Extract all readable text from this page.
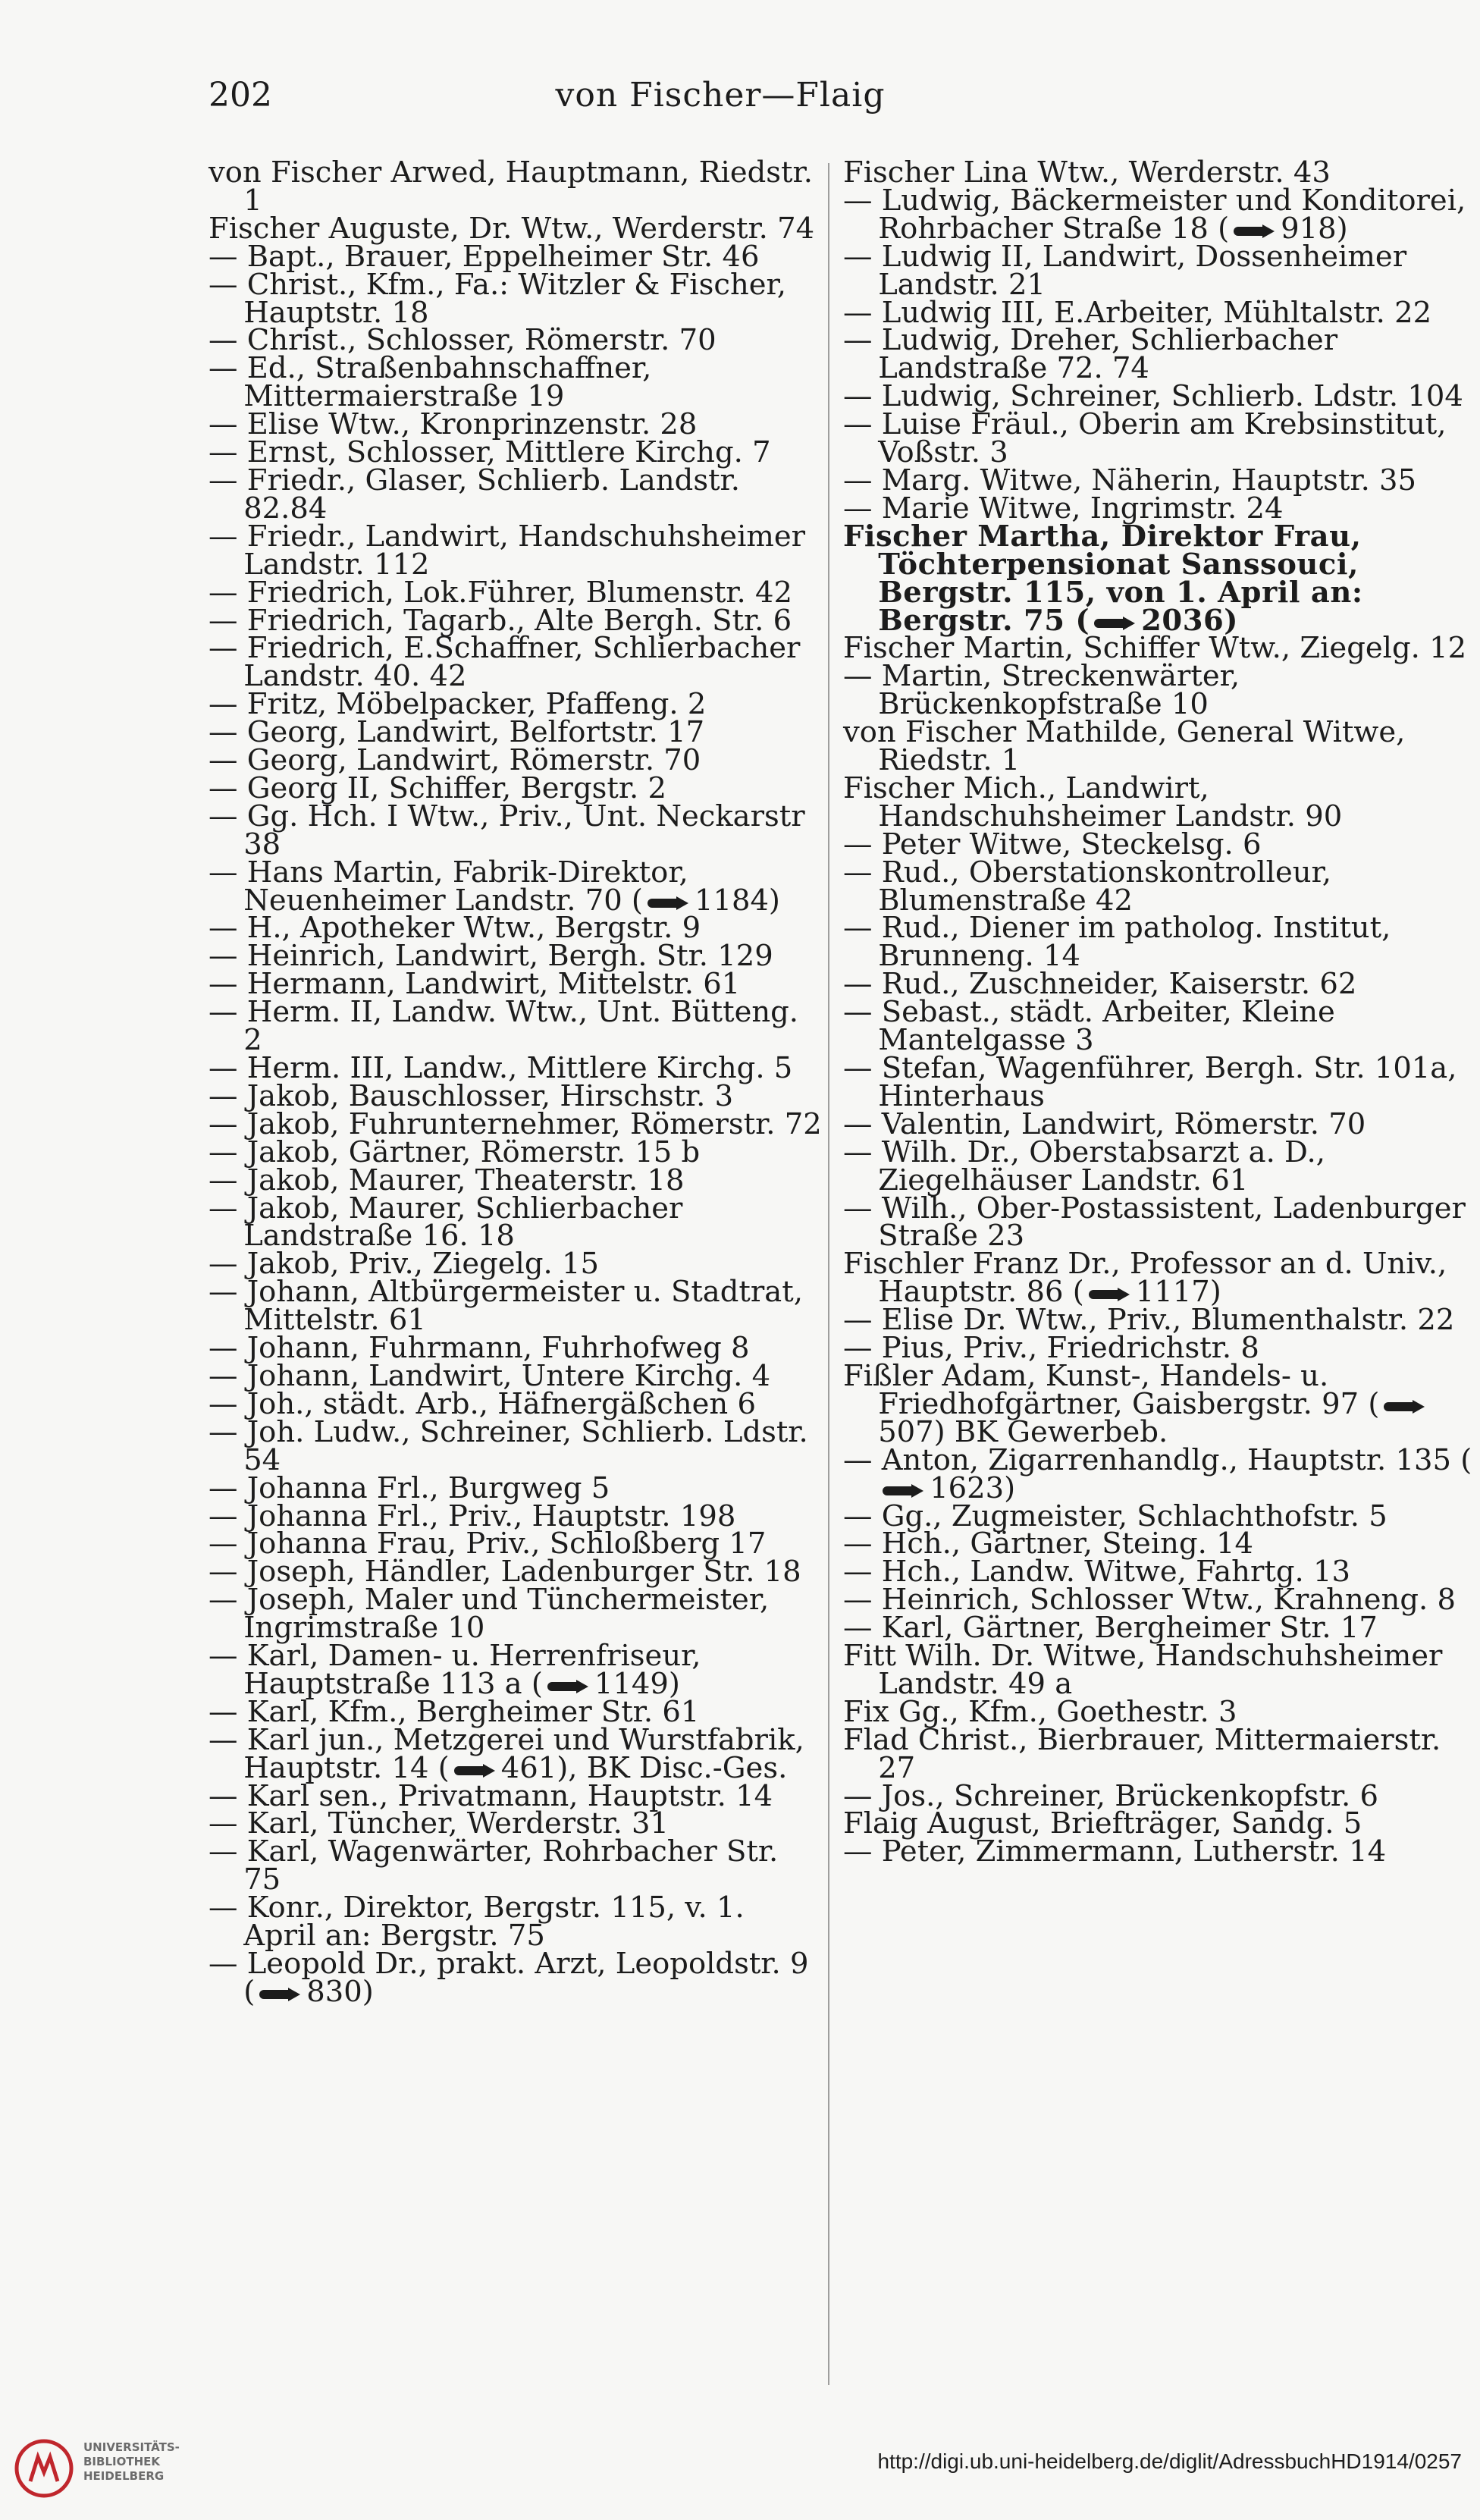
202	von Fischer—Flaig

von Fischer Arwed, Hauptmann, Riedstr. 1

Fischer Auguste, Dr. Wtw., Werderstr. 74

— Bapt., Brauer, Eppelheimer Str. 46

— Christ., Kfm., Fa.: Witzler & Fischer, Hauptstr. 18

— Christ., Schlosser, Römerstr. 70

— Ed., Straßenbahnschaffner, Mittermaierstraße 19

— Elise Wtw., Kronprinzenstr. 28

— Ernst, Schlosser, Mittlere Kirchg. 7

— Friedr., Glaser, Schlierb. Landstr. 82.84

— Friedr., Landwirt, Handschuhsheimer Landstr. 112

— Friedrich, Lok.Führer, Blumenstr. 42

— Friedrich, Tagarb., Alte Bergh. Str. 6

— Friedrich, E.Schaffner, Schlierbacher Landstr. 40. 42

— Fritz, Möbelpacker, Pfaffeng. 2

— Georg, Landwirt, Belfortstr. 17

— Georg, Landwirt, Römerstr. 70

— Georg II, Schiffer, Bergstr. 2

— Gg. Hch. I Wtw., Priv., Unt. Neckarstr 38

— Hans Martin, Fabrik-Direktor, Neuenheimer Landstr. 70 ( 1184)

— H., Apotheker Wtw., Bergstr. 9

— Heinrich, Landwirt, Bergh. Str. 129

— Hermann, Landwirt, Mittelstr. 61

— Herm. II, Landw. Wtw., Unt. Bütteng. 2

— Herm. III, Landw., Mittlere Kirchg. 5

— Jakob, Bauschlosser, Hirschstr. 3

— Jakob, Fuhrunternehmer, Römerstr. 72

— Jakob, Gärtner, Römerstr. 15 b

— Jakob, Maurer, Theaterstr. 18

— Jakob, Maurer, Schlierbacher Landstraße 16. 18

— Jakob, Priv., Ziegelg. 15

— Johann, Altbürgermeister u. Stadtrat, Mittelstr. 61

— Johann, Fuhrmann, Fuhrhofweg 8

— Johann, Landwirt, Untere Kirchg. 4

— Joh., städt. Arb., Häfnergäßchen 6

— Joh. Ludw., Schreiner, Schlierb. Ldstr. 54

— Johanna Frl., Burgweg 5

— Johanna Frl., Priv., Hauptstr. 198

— Johanna Frau, Priv., Schloßberg 17

— Joseph, Händler, Ladenburger Str. 18

— Joseph, Maler und Tünchermeister, Ingrimstraße 10

— Karl, Damen- u. Herrenfriseur, Hauptstraße 113 a ( 1149)

— Karl, Kfm., Bergheimer Str. 61

— Karl jun., Metzgerei und Wurstfabrik, Hauptstr. 14 ( 461), BK Disc.-Ges.

— Karl sen., Privatmann, Hauptstr. 14

— Karl, Tüncher, Werderstr. 31

— Karl, Wagenwärter, Rohrbacher Str. 75

— Konr., Direktor, Bergstr. 115, v. 1. April an: Bergstr. 75

— Leopold Dr., prakt. Arzt, Leopoldstr. 9 ( 830)

Fischer Lina Wtw., Werderstr. 43

— Ludwig, Bäckermeister und Konditorei, Rohrbacher Straße 18 ( 918)

— Ludwig II, Landwirt, Dossenheimer Landstr. 21

— Ludwig III, E.Arbeiter, Mühltalstr. 22

— Ludwig, Dreher, Schlierbacher Landstraße 72. 74

— Ludwig, Schreiner, Schlierb. Ldstr. 104

— Luise Fräul., Oberin am Krebsinstitut, Voßstr. 3

— Marg. Witwe, Näherin, Hauptstr. 35

— Marie Witwe, Ingrimstr. 24

Fischer Martha, Direktor Frau, Töchterpensionat Sanssouci, Bergstr. 115, von 1. April an: Bergstr. 75 ( 2036)

Fischer Martin, Schiffer Wtw., Ziegelg. 12

— Martin, Streckenwärter, Brückenkopfstraße 10

von Fischer Mathilde, General Witwe, Riedstr. 1

Fischer Mich., Landwirt, Handschuhsheimer Landstr. 90

— Peter Witwe, Steckelsg. 6

— Rud., Oberstationskontrolleur, Blumenstraße 42

— Rud., Diener im patholog. Institut, Brunneng. 14

— Rud., Zuschneider, Kaiserstr. 62

— Sebast., städt. Arbeiter, Kleine Mantelgasse 3

— Stefan, Wagenführer, Bergh. Str. 101a, Hinterhaus

— Valentin, Landwirt, Römerstr. 70

— Wilh. Dr., Oberstabsarzt a. D., Ziegelhäuser Landstr. 61

— Wilh., Ober-Postassistent, Ladenburger Straße 23

Fischler Franz Dr., Professor an d. Univ., Hauptstr. 86 ( 1117)

— Elise Dr. Wtw., Priv., Blumenthalstr. 22

— Pius, Priv., Friedrichstr. 8

Fißler Adam, Kunst-, Handels- u. Friedhofgärtner, Gaisbergstr. 97 (507) BK Gewerbeb.

— Anton, Zigarrenhandlg., Hauptstr. 135 (1623)

— Gg., Zugmeister, Schlachthofstr. 5

— Hch., Gärtner, Steing. 14

— Hch., Landw. Witwe, Fahrtg. 13

— Heinrich, Schlosser Wtw., Krahneng. 8

— Karl, Gärtner, Bergheimer Str. 17

Fitt Wilh. Dr. Witwe, Handschuhsheimer Landstr. 49 a

Fix Gg., Kfm., Goethestr. 3

Flad Christ., Bierbrauer, Mittermaierstr. 27

— Jos., Schreiner, Brückenkopfstr. 6

Flaig August, Briefträger, Sandg. 5

— Peter, Zimmermann, Lutherstr. 14

UNIVERSITÄTS-
BIBLIOTHEK
HEIDELBERG
http://digi.ub.uni-heidelberg.de/diglit/AdressbuchHD1914/0257
